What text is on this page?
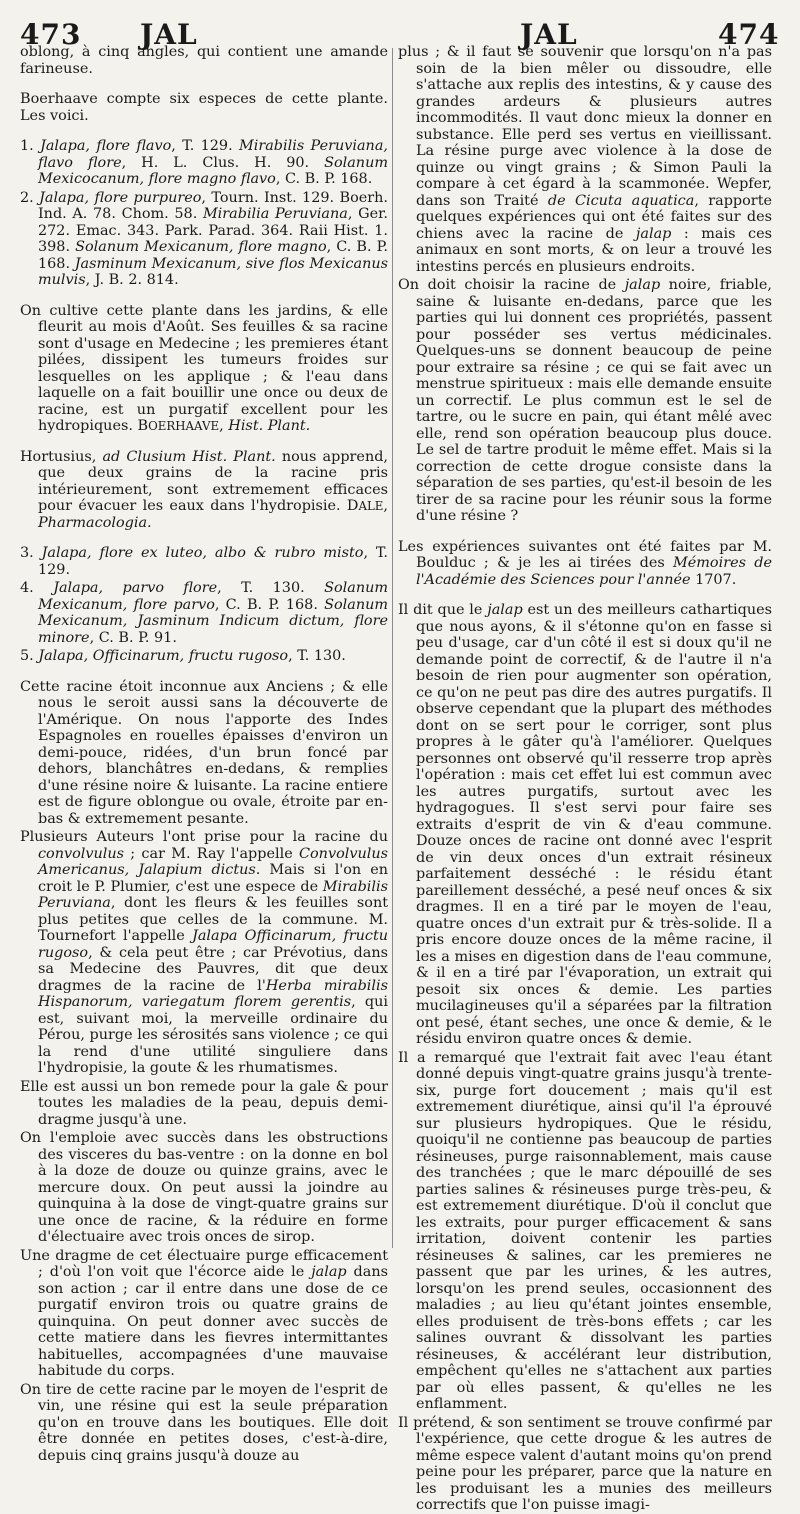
473 JAL	JAL	474

oblong, à cinq angles, qui contient une amande farineuse.

Boerhaave compte six especes de cette plante. Les voici.

1. Jalapa, flore flavo, T. 129. Mirabilis Peruviana, flavo flore, H. L. Clus. H. 90. Solanum Mexicocanum, flore magno flavo, C. B. P. 168.

2. Jalapa, flore purpureo, Tourn. Inst. 129. Boerh. Ind. A. 78. Chom. 58. Mirabilia Peruviana, Ger. 272. Emac. 343. Park. Parad. 364. Raii Hist. 1. 398. Solanum Mexicanum, flore magno, C. B. P. 168. Jasminum Mexicanum, sive flos Mexicanus mulvis, J. B. 2. 814.

On cultive cette plante dans les jardins, & elle fleurit au mois d'Août. Ses feuilles & sa racine sont d'usage en Medecine ; les premieres étant pilées, dissipent les tumeurs froides sur lesquelles on les applique ; & l'eau dans laquelle on a fait bouillir une once ou deux de racine, est un purgatif excellent pour les hydropiques. BOERHAAVE, Hist. Plant.

Hortusius, ad Clusium Hist. Plant. nous apprend, que deux grains de la racine pris intérieurement, sont extremement efficaces pour évacuer les eaux dans l'hydropisie. DALE, Pharmacologia.

3. Jalapa, flore ex luteo, albo & rubro misto, T. 129.

4. Jalapa, parvo flore, T. 130. Solanum Mexicanum, flore parvo, C. B. P. 168. Solanum Mexicanum, Jasminum Indicum dictum, flore minore, C. B. P. 91.

5. Jalapa, Officinarum, fructu rugoso, T. 130.

Cette racine étoit inconnue aux Anciens ; & elle nous le seroit aussi sans la découverte de l'Amérique. On nous l'apporte des Indes Espagnoles en rouelles épaisses d'environ un demi-pouce, ridées, d'un brun foncé par dehors, blanchâtres en-dedans, & remplies d'une résine noire & luisante. La racine entiere est de figure oblongue ou ovale, étroite par en-bas & extremement pesante.

Plusieurs Auteurs l'ont prise pour la racine du convolvulus ; car M. Ray l'appelle Convolvulus Americanus, Jalapium dictus. Mais si l'on en croit le P. Plumier, c'est une espece de Mirabilis Peruviana, dont les fleurs & les feuilles sont plus petites que celles de la commune. M. Tournefort l'appelle Jalapa Officinarum, fructu rugoso, & cela peut être ; car Prévotius, dans sa Medecine des Pauvres, dit que deux dragmes de la racine de l'Herba mirabilis Hispanorum, variegatum florem gerentis, qui est, suivant moi, la merveille ordinaire du Pérou, purge les sérosités sans violence ; ce qui la rend d'une utilité singuliere dans l'hydropisie, la goute & les rhumatismes.

Elle est aussi un bon remede pour la gale & pour toutes les maladies de la peau, depuis demi-dragme jusqu'à une.

On l'emploie avec succès dans les obstructions des visceres du bas-ventre : on la donne en bol à la doze de douze ou quinze grains, avec le mercure doux. On peut aussi la joindre au quinquina à la dose de vingt-quatre grains sur une once de racine, & la réduire en forme d'électuaire avec trois onces de sirop.

Une dragme de cet électuaire purge efficacement ; d'où l'on voit que l'écorce aide le jalap dans son action ; car il entre dans une dose de ce purgatif environ trois ou quatre grains de quinquina. On peut donner avec succès de cette matiere dans les fievres intermittantes habituelles, accompagnées d'une mauvaise habitude du corps.

On tire de cette racine par le moyen de l'esprit de vin, une résine qui est la seule préparation qu'on en trouve dans les boutiques. Elle doit être donnée en petites doses, c'est-à-dire, depuis cinq grains jusqu'à douze au

plus ; & il faut se souvenir que lorsqu'on n'a pas soin de la bien mêler ou dissoudre, elle s'attache aux replis des intestins, & y cause des grandes ardeurs & plusieurs autres incommodités. Il vaut donc mieux la donner en substance. Elle perd ses vertus en vieillissant. La résine purge avec violence à la dose de quinze ou vingt grains ; & Simon Pauli la compare à cet égard à la scammonée. Wepfer, dans son Traité de Cicuta aquatica, rapporte quelques expériences qui ont été faites sur des chiens avec la racine de jalap : mais ces animaux en sont morts, & on leur a trouvé les intestins percés en plusieurs endroits.

On doit choisir la racine de jalap noire, friable, saine & luisante en-dedans, parce que les parties qui lui donnent ces propriétés, passent pour posséder ses vertus médicinales. Quelques-uns se donnent beaucoup de peine pour extraire sa résine ; ce qui se fait avec un menstrue spiritueux : mais elle demande ensuite un correctif. Le plus commun est le sel de tartre, ou le sucre en pain, qui étant mêlé avec elle, rend son opération beaucoup plus douce. Le sel de tartre produit le même effet. Mais si la correction de cette drogue consiste dans la séparation de ses parties, qu'est-il besoin de les tirer de sa racine pour les réunir sous la forme d'une résine ?

Les expériences suivantes ont été faites par M. Boulduc ; & je les ai tirées des Mémoires de l'Académie des Sciences pour l'année 1707.

Il dit que le jalap est un des meilleurs cathartiques que nous ayons, & il s'étonne qu'on en fasse si peu d'usage, car d'un côté il est si doux qu'il ne demande point de correctif, & de l'autre il n'a besoin de rien pour augmenter son opération, ce qu'on ne peut pas dire des autres purgatifs. Il observe cependant que la plupart des méthodes dont on se sert pour le corriger, sont plus propres à le gâter qu'à l'améliorer. Quelques personnes ont observé qu'il resserre trop après l'opération : mais cet effet lui est commun avec les autres purgatifs, surtout avec les hydragogues. Il s'est servi pour faire ses extraits d'esprit de vin & d'eau commune. Douze onces de racine ont donné avec l'esprit de vin deux onces d'un extrait résineux parfaitement desséché : le résidu étant pareillement desséché, a pesé neuf onces & six dragmes. Il en a tiré par le moyen de l'eau, quatre onces d'un extrait pur & très-solide. Il a pris encore douze onces de la même racine, il les a mises en digestion dans de l'eau commune, & il en a tiré par l'évaporation, un extrait qui pesoit six onces & demie. Les parties mucilagineuses qu'il a séparées par la filtration ont pesé, étant seches, une once & demie, & le résidu environ quatre onces & demie.

Il a remarqué que l'extrait fait avec l'eau étant donné depuis vingt-quatre grains jusqu'à trente-six, purge fort doucement ; mais qu'il est extremement diurétique, ainsi qu'il l'a éprouvé sur plusieurs hydropiques. Que le résidu, quoiqu'il ne contienne pas beaucoup de parties résineuses, purge raisonnablement, mais cause des tranchées ; que le marc dépouillé de ses parties salines & résineuses purge très-peu, & est extremement diurétique. D'où il conclut que les extraits, pour purger efficacement & sans irritation, doivent contenir les parties résineuses & salines, car les premieres ne passent que par les urines, & les autres, lorsqu'on les prend seules, occasionnent des maladies ; au lieu qu'étant jointes ensemble, elles produisent de très-bons effets ; car les salines ouvrant & dissolvant les parties résineuses, & accélérant leur distribution, empêchent qu'elles ne s'attachent aux parties par où elles passent, & qu'elles ne les enflamment.

Il prétend, & son sentiment se trouve confirmé par l'expérience, que cette drogue & les autres de même espece valent d'autant moins qu'on prend peine pour les préparer, parce que la nature en les produisant les a munies des meilleurs correctifs que l'on puisse imagi-
